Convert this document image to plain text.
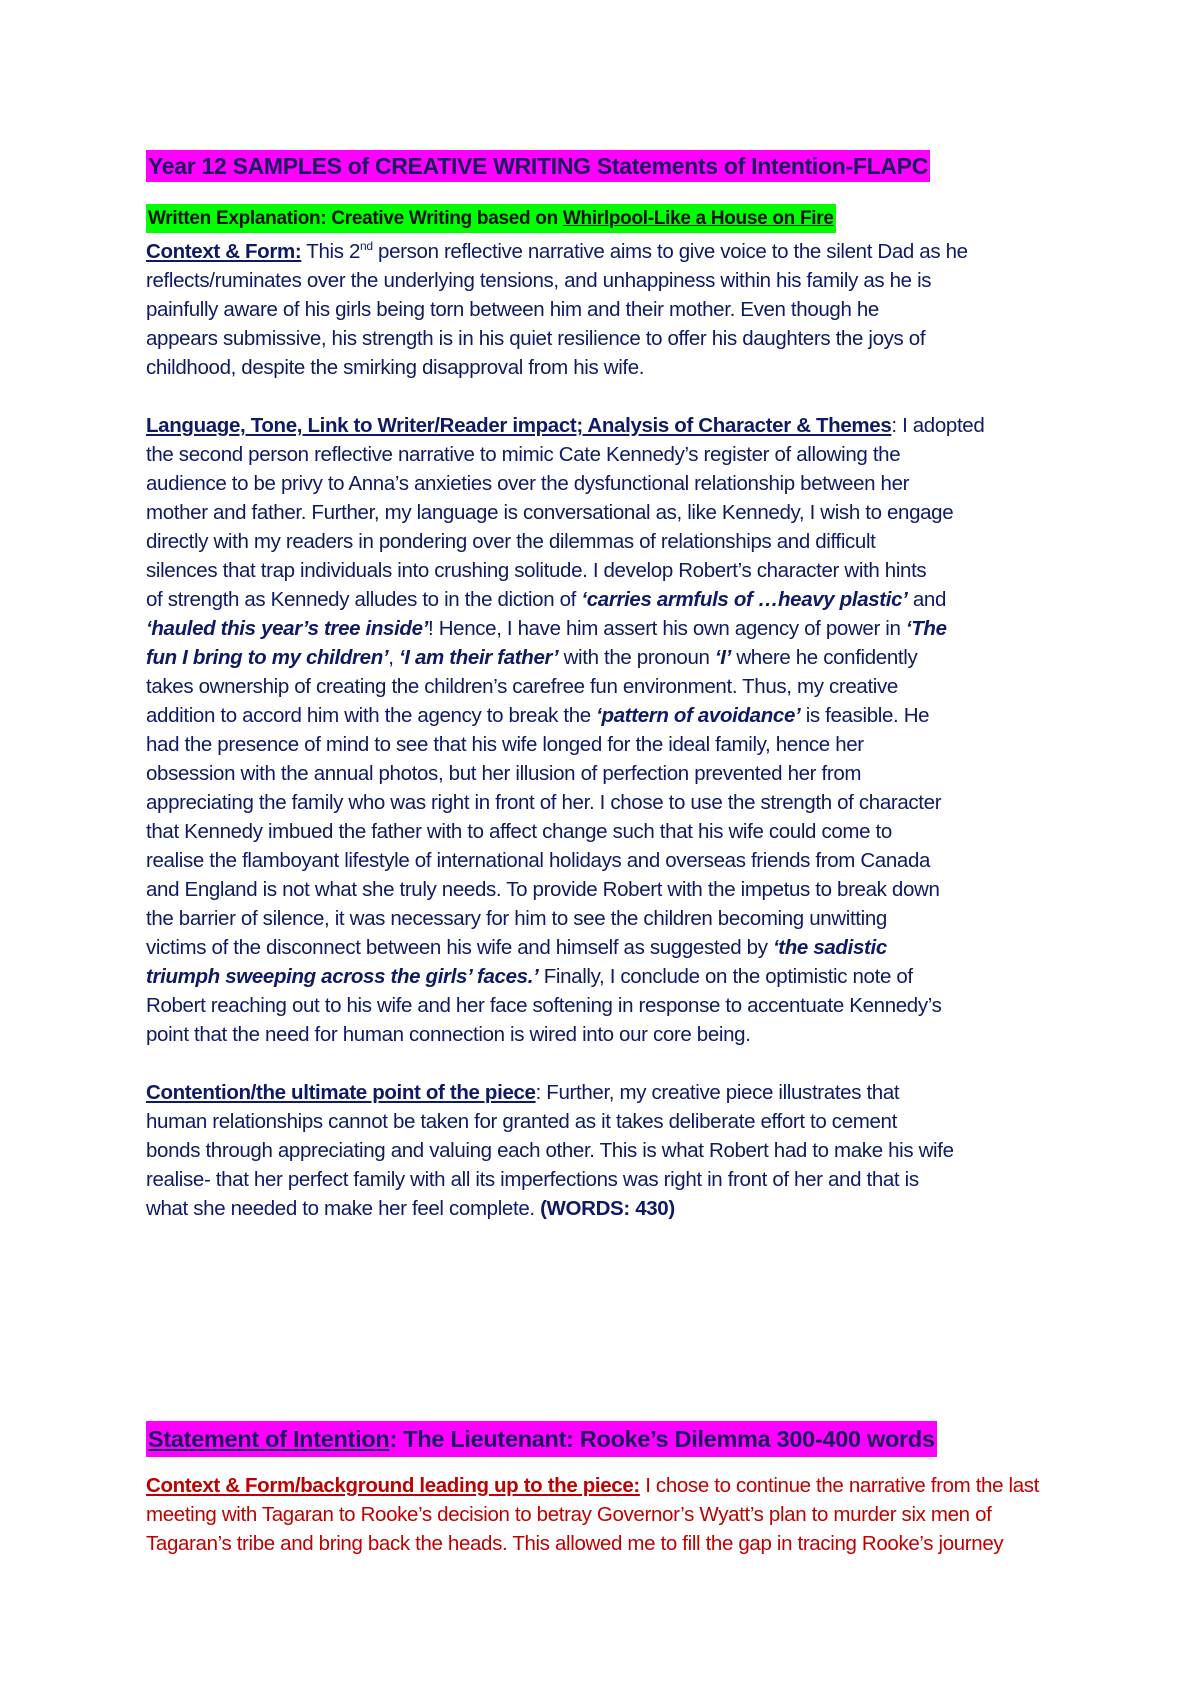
Year 12 SAMPLES of CREATIVE WRITING Statements of Intention-FLAPC
Written Explanation: Creative Writing based on Whirlpool-Like a House on Fire
Context & Form: This 2nd person reflective narrative aims to give voice to the silent Dad as he
reflects/ruminates over the underlying tensions, and unhappiness within his family as he is
painfully aware of his girls being torn between him and their mother. Even though he
appears submissive, his strength is in his quiet resilience to offer his daughters the joys of
childhood, despite the smirking disapproval from his wife.
Language, Tone, Link to Writer/Reader impact; Analysis of Character & Themes: I adopted
the second person reflective narrative to mimic Cate Kennedy’s register of allowing the
audience to be privy to Anna’s anxieties over the dysfunctional relationship between her
mother and father. Further, my language is conversational as, like Kennedy, I wish to engage
directly with my readers in pondering over the dilemmas of relationships and difficult
silences that trap individuals into crushing solitude. I develop Robert’s character with hints
of strength as Kennedy alludes to in the diction of ‘carries armfuls of …heavy plastic’ and
‘hauled this year’s tree inside’! Hence, I have him assert his own agency of power in ‘The
fun I bring to my children’, ‘I am their father’ with the pronoun ‘I’ where he confidently
takes ownership of creating the children’s carefree fun environment. Thus, my creative
addition to accord him with the agency to break the ‘pattern of avoidance’ is feasible. He
had the presence of mind to see that his wife longed for the ideal family, hence her
obsession with the annual photos, but her illusion of perfection prevented her from
appreciating the family who was right in front of her. I chose to use the strength of character
that Kennedy imbued the father with to affect change such that his wife could come to
realise the flamboyant lifestyle of international holidays and overseas friends from Canada
and England is not what she truly needs. To provide Robert with the impetus to break down
the barrier of silence, it was necessary for him to see the children becoming unwitting
victims of the disconnect between his wife and himself as suggested by ‘the sadistic
triumph sweeping across the girls’ faces.’ Finally, I conclude on the optimistic note of
Robert reaching out to his wife and her face softening in response to accentuate Kennedy’s
point that the need for human connection is wired into our core being.
Contention/the ultimate point of the piece: Further, my creative piece illustrates that
human relationships cannot be taken for granted as it takes deliberate effort to cement
bonds through appreciating and valuing each other. This is what Robert had to make his wife
realise- that her perfect family with all its imperfections was right in front of her and that is
what she needed to make her feel complete. (WORDS: 430)
Statement of Intention: The Lieutenant: Rooke’s Dilemma 300-400 words
Context & Form/background leading up to the piece: I chose to continue the narrative from the last
meeting with Tagaran to Rooke’s decision to betray Governor’s Wyatt’s plan to murder six men of
Tagaran’s tribe and bring back the heads. This allowed me to fill the gap in tracing Rooke’s journey
